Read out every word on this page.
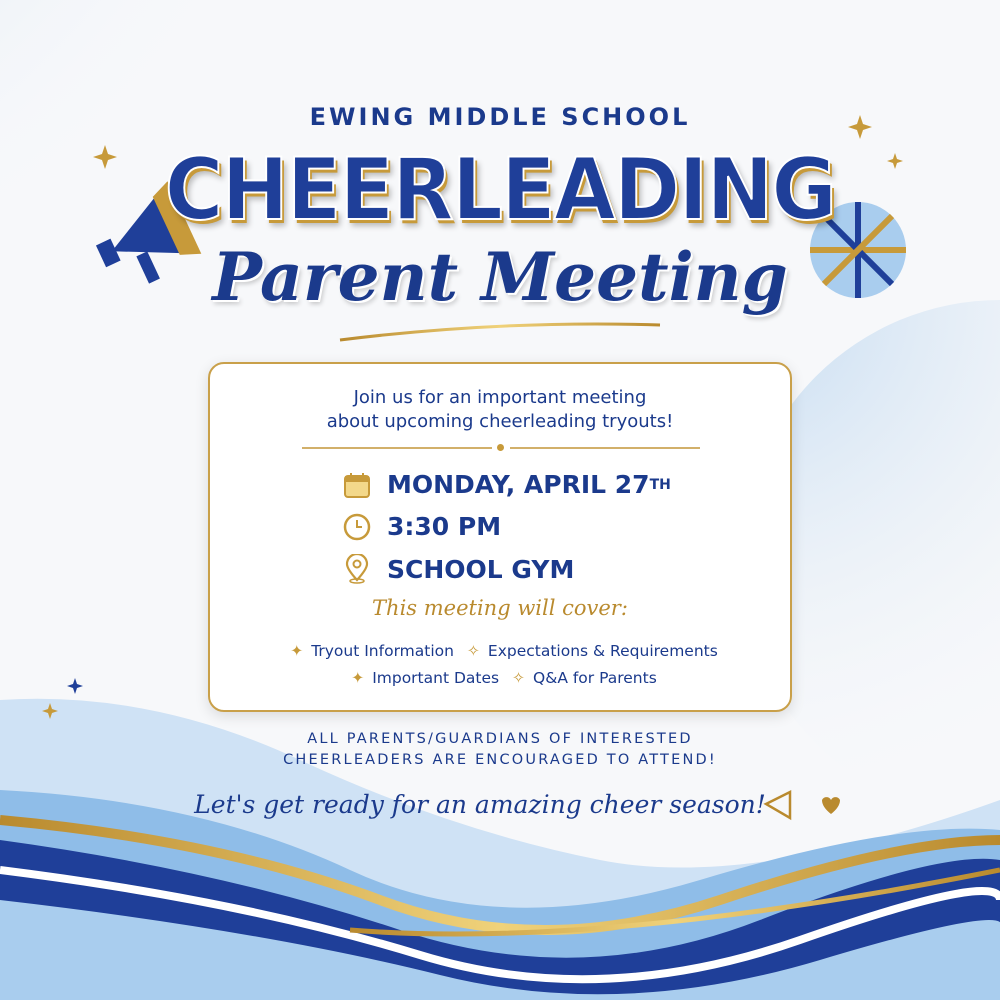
EWING MIDDLE SCHOOL
CHEERLEADING
Parent Meeting
Join us for an important meeting
about upcoming cheerleading tryouts!
MONDAY, APRIL 27 TH
3:30 PM
SCHOOL GYM
This meeting will cover:
✦ Tryout Information ✧ Expectations & Requirements
✦ Important Dates ✧ Q&A for Parents
ALL PARENTS/GUARDIANS OF INTERESTED
CHEERLEADERS ARE ENCOURAGED TO ATTEND!
Let's get ready for an amazing cheer season!
